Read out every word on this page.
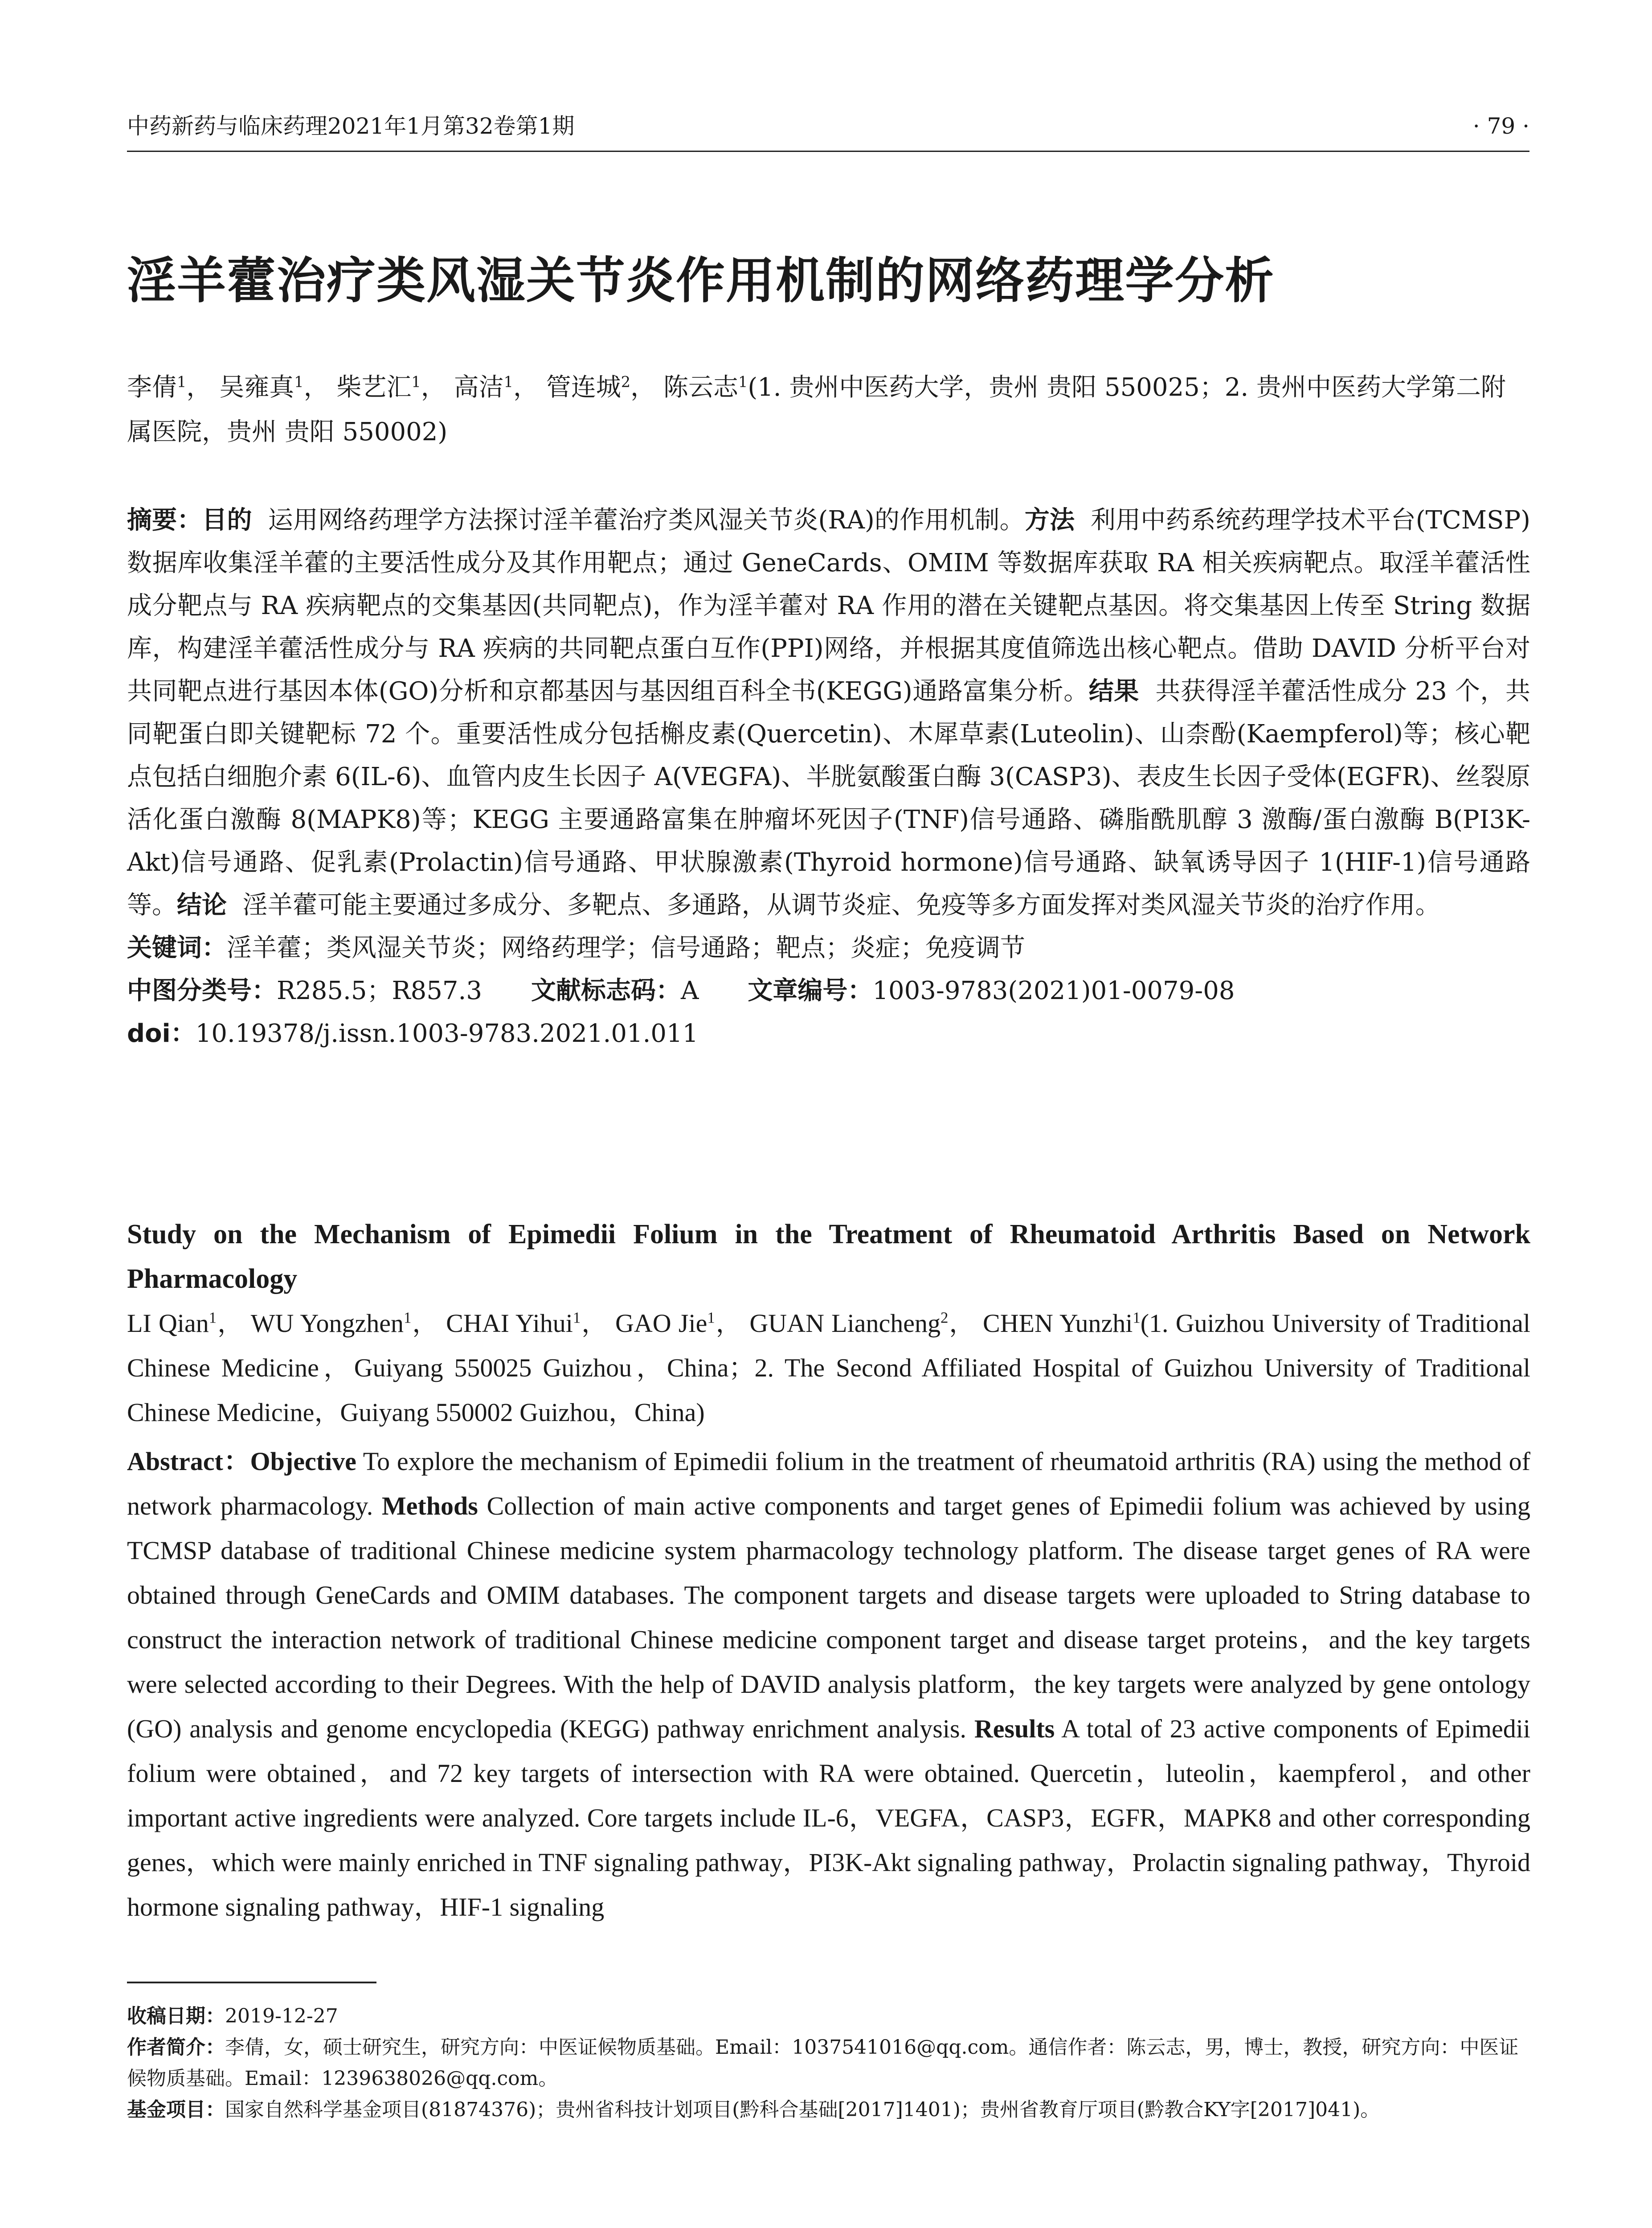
中药新药与临床药理2021年1月第32卷第1期	· 79 ·
淫羊藿治疗类风湿关节炎作用机制的网络药理学分析
李倩$^1$， 吴雍真$^1$， 柴艺汇$^1$， 高洁$^1$， 管连城$^2$， 陈云志$^1$(1. 贵州中医药大学，贵州 贵阳 550025；2. 贵州中医药大学第二附属医院，贵州 贵阳 550002)
摘要：目的 运用网络药理学方法探讨淫羊藿治疗类风湿关节炎(RA)的作用机制。方法 利用中药系统药理学技术平台(TCMSP)数据库收集淫羊藿的主要活性成分及其作用靶点；通过 GeneCards、OMIM 等数据库获取 RA 相关疾病靶点。取淫羊藿活性成分靶点与 RA 疾病靶点的交集基因(共同靶点)，作为淫羊藿对 RA 作用的潜在关键靶点基因。将交集基因上传至 String 数据库，构建淫羊藿活性成分与 RA 疾病的共同靶点蛋白互作(PPI)网络，并根据其度值筛选出核心靶点。借助 DAVID 分析平台对共同靶点进行基因本体(GO)分析和京都基因与基因组百科全书(KEGG)通路富集分析。结果 共获得淫羊藿活性成分 23 个，共同靶蛋白即关键靶标 72 个。重要活性成分包括槲皮素(Quercetin)、木犀草素(Luteolin)、山柰酚(Kaempferol)等；核心靶点包括白细胞介素 6(IL-6)、血管内皮生长因子 A(VEGFA)、半胱氨酸蛋白酶 3(CASP3)、表皮生长因子受体(EGFR)、丝裂原活化蛋白激酶 8(MAPK8)等；KEGG 主要通路富集在肿瘤坏死因子(TNF)信号通路、磷脂酰肌醇 3 激酶/蛋白激酶 B(PI3K-Akt)信号通路、促乳素(Prolactin)信号通路、甲状腺激素(Thyroid hormone)信号通路、缺氧诱导因子 1(HIF-1)信号通路等。结论 淫羊藿可能主要通过多成分、多靶点、多通路，从调节炎症、免疫等多方面发挥对类风湿关节炎的治疗作用。
关键词：淫羊藿；类风湿关节炎；网络药理学；信号通路；靶点；炎症；免疫调节
中图分类号：R285.5；R857.3 文献标志码：A 文章编号：1003-9783(2021)01-0079-08
doi：10.19378/j.issn.1003-9783.2021.01.011
Study on the Mechanism of Epimedii Folium in the Treatment of Rheumatoid Arthritis Based on Network Pharmacology
LI Qian$^1$， WU Yongzhen$^1$， CHAI Yihui$^1$， GAO Jie$^1$， GUAN Liancheng$^2$， CHEN Yunzhi$^1$(1. Guizhou University of Traditional Chinese Medicine，Guiyang 550025 Guizhou，China；2. The Second Affiliated Hospital of Guizhou University of Traditional Chinese Medicine，Guiyang 550002 Guizhou，China)
Abstract：Objective To explore the mechanism of Epimedii folium in the treatment of rheumatoid arthritis (RA) using the method of network pharmacology. Methods Collection of main active components and target genes of Epimedii folium was achieved by using TCMSP database of traditional Chinese medicine system pharmacology technology platform. The disease target genes of RA were obtained through GeneCards and OMIM databases. The component targets and disease targets were uploaded to String database to construct the interaction network of traditional Chinese medicine component target and disease target proteins，and the key targets were selected according to their Degrees. With the help of DAVID analysis platform，the key targets were analyzed by gene ontology (GO) analysis and genome encyclopedia (KEGG) pathway enrichment analysis. Results A total of 23 active components of Epimedii folium were obtained，and 72 key targets of intersection with RA were obtained. Quercetin，luteolin，kaempferol，and other important active ingredients were analyzed. Core targets include IL-6，VEGFA，CASP3，EGFR，MAPK8 and other corresponding genes，which were mainly enriched in TNF signaling pathway，PI3K-Akt signaling pathway，Prolactin signaling pathway，Thyroid hormone signaling pathway，HIF-1 signaling
收稿日期：2019-12-27
作者简介：李倩，女，硕士研究生，研究方向：中医证候物质基础。Email：1037541016@qq.com。通信作者：陈云志，男，博士，教授，研究方向：中医证候物质基础。Email：1239638026@qq.com。
基金项目：国家自然科学基金项目(81874376)；贵州省科技计划项目(黔科合基础[2017]1401)；贵州省教育厅项目(黔教合KY字[2017]041)。
